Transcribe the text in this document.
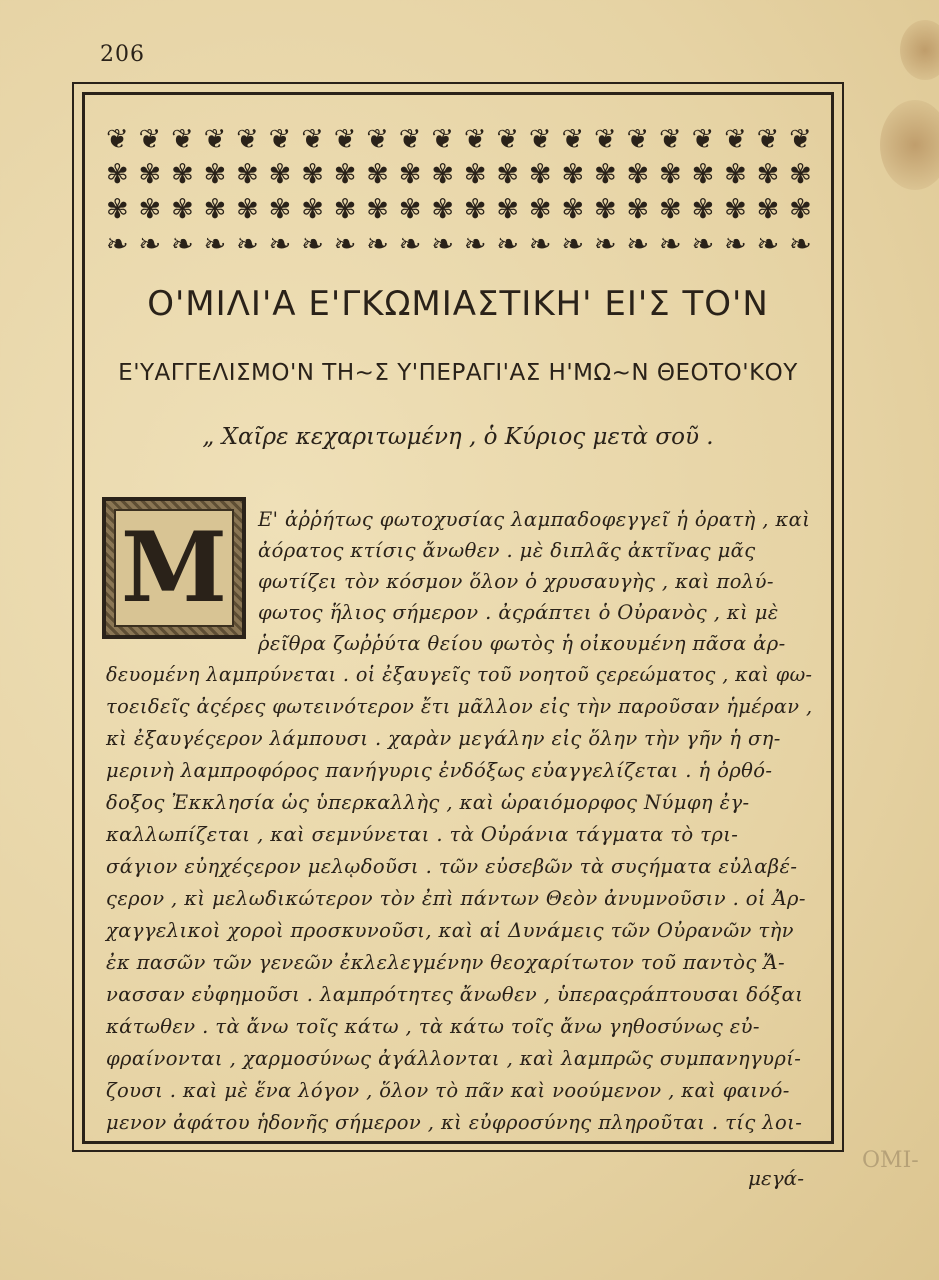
206
❦ ❦ ❦ ❦ ❦ ❦ ❦ ❦ ❦ ❦ ❦ ❦ ❦ ❦ ❦ ❦ ❦ ❦ ❦ ❦ ❦ ❦
✾ ✾ ✾ ✾ ✾ ✾ ✾ ✾ ✾ ✾ ✾ ✾ ✾ ✾ ✾ ✾ ✾ ✾ ✾ ✾ ✾ ✾
✾ ✾ ✾ ✾ ✾ ✾ ✾ ✾ ✾ ✾ ✾ ✾ ✾ ✾ ✾ ✾ ✾ ✾ ✾ ✾ ✾ ✾
❧ ❧ ❧ ❧ ❧ ❧ ❧ ❧ ❧ ❧ ❧ ❧ ❧ ❧ ❧ ❧ ❧ ❧ ❧ ❧ ❧ ❧
Ο'ΜΙΛΙ'Α Ε'ΓΚΩΜΙΑΣΤΙΚΗ' ΕΙ'Σ ΤΟ'Ν
Ε'ΥΑΓΓΕΛΙΣΜΟ'Ν ΤΗ~Σ Υ'ΠΕΡΑΓΙ'ΑΣ Η'ΜΩ~Ν ΘΕΟΤΟ'ΚΟΥ
„ Χαῖρε κεχαριτωμένη , ὁ Κύριος μετὰ σοῦ .
M Ε' ἀῤῥήτως φωτοχυσίας λαμπαδοφεγγεῖ ἡ ὁρατὴ , καὶ
ἀόρατος κτίσις ἄνωθεν . μὲ διπλᾶς ἀκτῖνας μᾶς
φωτίζει τὸν κόσμον ὅλον ὁ χρυσαυγὴς , καὶ πολύ-
φωτος ἥλιος σήμερον . ἀςράπτει ὁ Οὐρανὸς , κὶ μὲ
ῥεῖθρα ζωῤῥύτα θείου φωτὸς ἡ οἰκουμένη πᾶσα ἀρ-
δευομένη λαμπρύνεται . οἱ ἐξαυγεῖς τοῦ νοητοῦ ςερεώματος , καὶ φω-
τοειδεῖς ἀςέρες φωτεινότερον ἔτι μᾶλλον εἰς τὴν παροῦσαν ἡμέραν ,
κὶ ἐξαυγέςερον λάμπουσι . χαρὰν μεγάλην εἰς ὅλην τὴν γῆν ἡ ση-
μερινὴ λαμπροφόρος πανήγυρις ἐνδόξως εὐαγγελίζεται . ἡ ὀρθό-
δοξος Ἐκκλησία ὡς ὑπερκαλλὴς , καὶ ὡραιόμορφος Νύμφη ἐγ-
καλλωπίζεται , καὶ σεμνύνεται . τὰ Οὐράνια τάγματα τὸ τρι-
σάγιον εὐηχέςερον μελῳδοῦσι . τῶν εὐσεβῶν τὰ συςήματα εὐλαβέ-
ςερον , κὶ μελωδικώτερον τὸν ἐπὶ πάντων Θεὸν ἀνυμνοῦσιν . οἱ Ἀρ-
χαγγελικοὶ χοροὶ προσκυνοῦσι, καὶ αἱ Δυνάμεις τῶν Οὐρανῶν τὴν
ἐκ πασῶν τῶν γενεῶν ἐκλελεγμένην θεοχαρίτωτον τοῦ παντὸς Ἄ-
νασσαν εὐφημοῦσι . λαμπρότητες ἄνωθεν , ὑπεραςράπτουσαι δόξαι
κάτωθεν . τὰ ἄνω τοῖς κάτω , τὰ κάτω τοῖς ἄνω γηθοσύνως εὐ-
φραίνονται , χαρμοσύνως ἀγάλλονται , καὶ λαμπρῶς συμπανηγυρί-
ζουσι . καὶ μὲ ἕνα λόγον , ὅλον τὸ πᾶν καὶ νοούμενον , καὶ φαινό-
μενον ἀφάτου ἡδονῆς σήμερον , κὶ εὐφροσύνης πληροῦται . τίς λοι-
μεγά-
ΟΜΙ-
